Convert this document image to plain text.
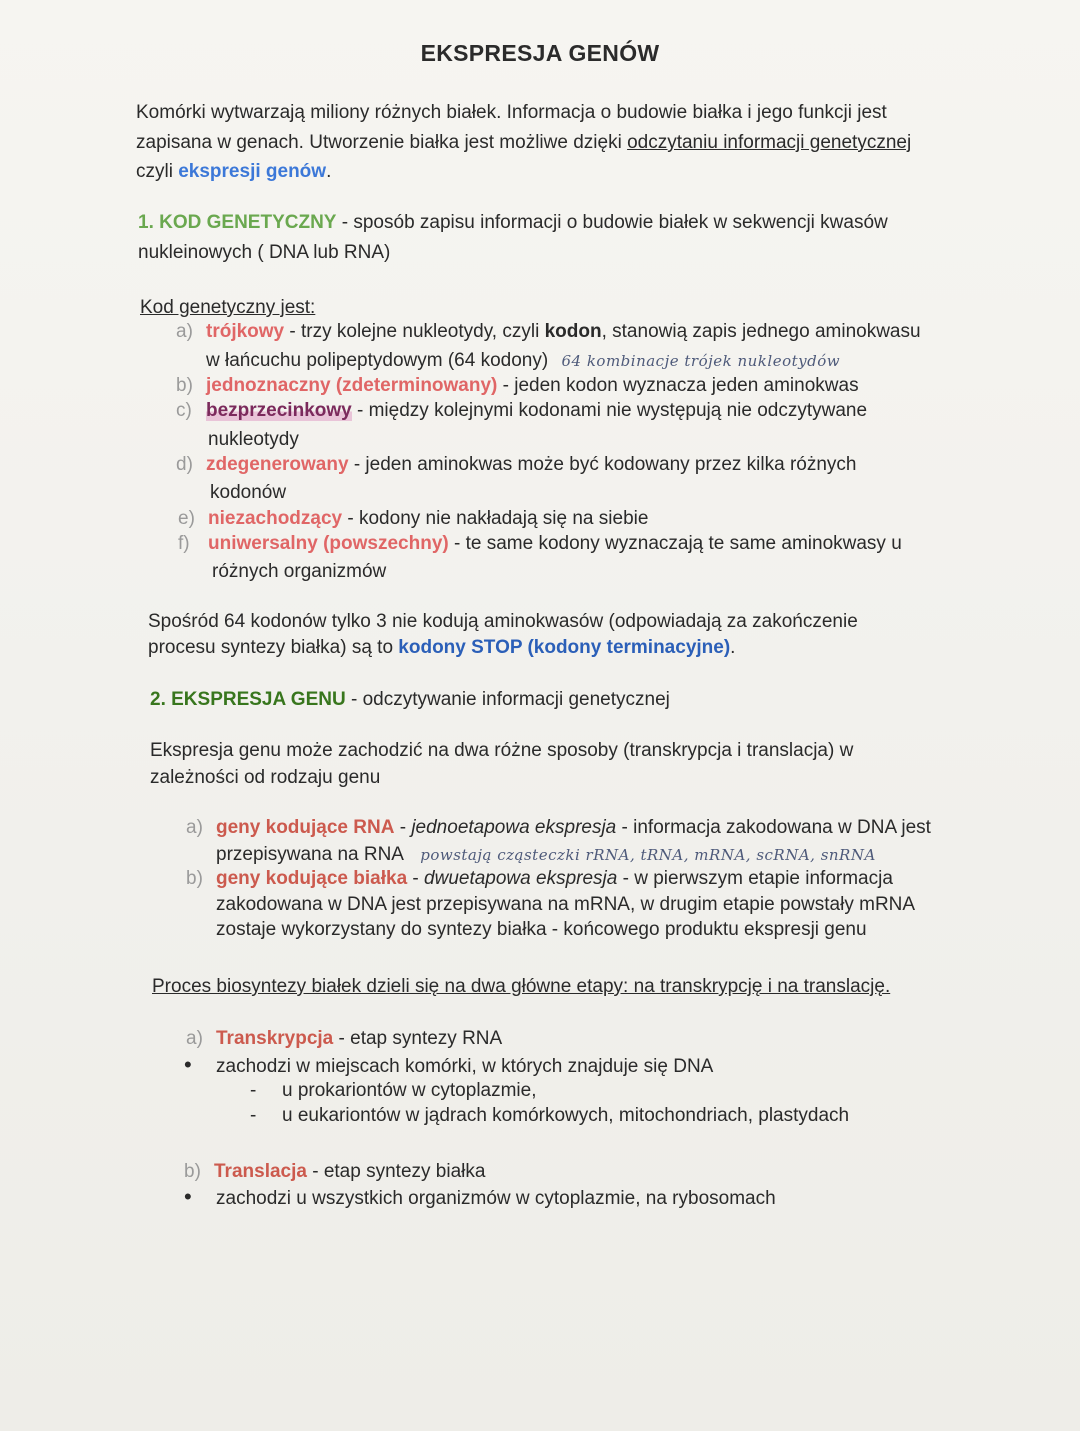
EKSPRESJA GENÓW
Komórki wytwarzają miliony różnych białek. Informacja o budowie białka i jego funkcji jest
zapisana w genach. Utworzenie białka jest możliwe dzięki odczytaniu informacji genetycznej
czyli ekspresji genów.
1. KOD GENETYCZNY - sposób zapisu informacji o budowie białek w sekwencji kwasów
nukleinowych ( DNA lub RNA)
Kod genetyczny jest:
a) trójkowy - trzy kolejne nukleotydy, czyli kodon, stanowią zapis jednego aminokwasu
w łańcuchu polipeptydowym (64 kodony) 64 kombinacje trójek nukleotydów
b) jednoznaczny (zdeterminowany) - jeden kodon wyznacza jeden aminokwas
c) bezprzecinkowy - między kolejnymi kodonami nie występują nie odczytywane
nukleotydy
d) zdegenerowany - jeden aminokwas może być kodowany przez kilka różnych
kodonów
e) niezachodzący - kodony nie nakładają się na siebie
f) uniwersalny (powszechny) - te same kodony wyznaczają te same aminokwasy u
różnych organizmów
Spośród 64 kodonów tylko 3 nie kodują aminokwasów (odpowiadają za zakończenie
procesu syntezy białka) są to kodony STOP (kodony terminacyjne).
2. EKSPRESJA GENU - odczytywanie informacji genetycznej
Ekspresja genu może zachodzić na dwa różne sposoby (transkrypcja i translacja) w
zależności od rodzaju genu
a) geny kodujące RNA - jednoetapowa ekspresja - informacja zakodowana w DNA jest
przepisywana na RNA powstają cząsteczki rRNA, tRNA, mRNA, scRNA, snRNA
b) geny kodujące białka - dwuetapowa ekspresja - w pierwszym etapie informacja
zakodowana w DNA jest przepisywana na mRNA, w drugim etapie powstały mRNA
zostaje wykorzystany do syntezy białka - końcowego produktu ekspresji genu
Proces biosyntezy białek dzieli się na dwa główne etapy: na transkrypcję i na translację.
a) Transkrypcja - etap syntezy RNA
• zachodzi w miejscach komórki, w których znajduje się DNA
- u prokariontów w cytoplazmie,
- u eukariontów w jądrach komórkowych, mitochondriach, plastydach
b) Translacja - etap syntezy białka
• zachodzi u wszystkich organizmów w cytoplazmie, na rybosomach
